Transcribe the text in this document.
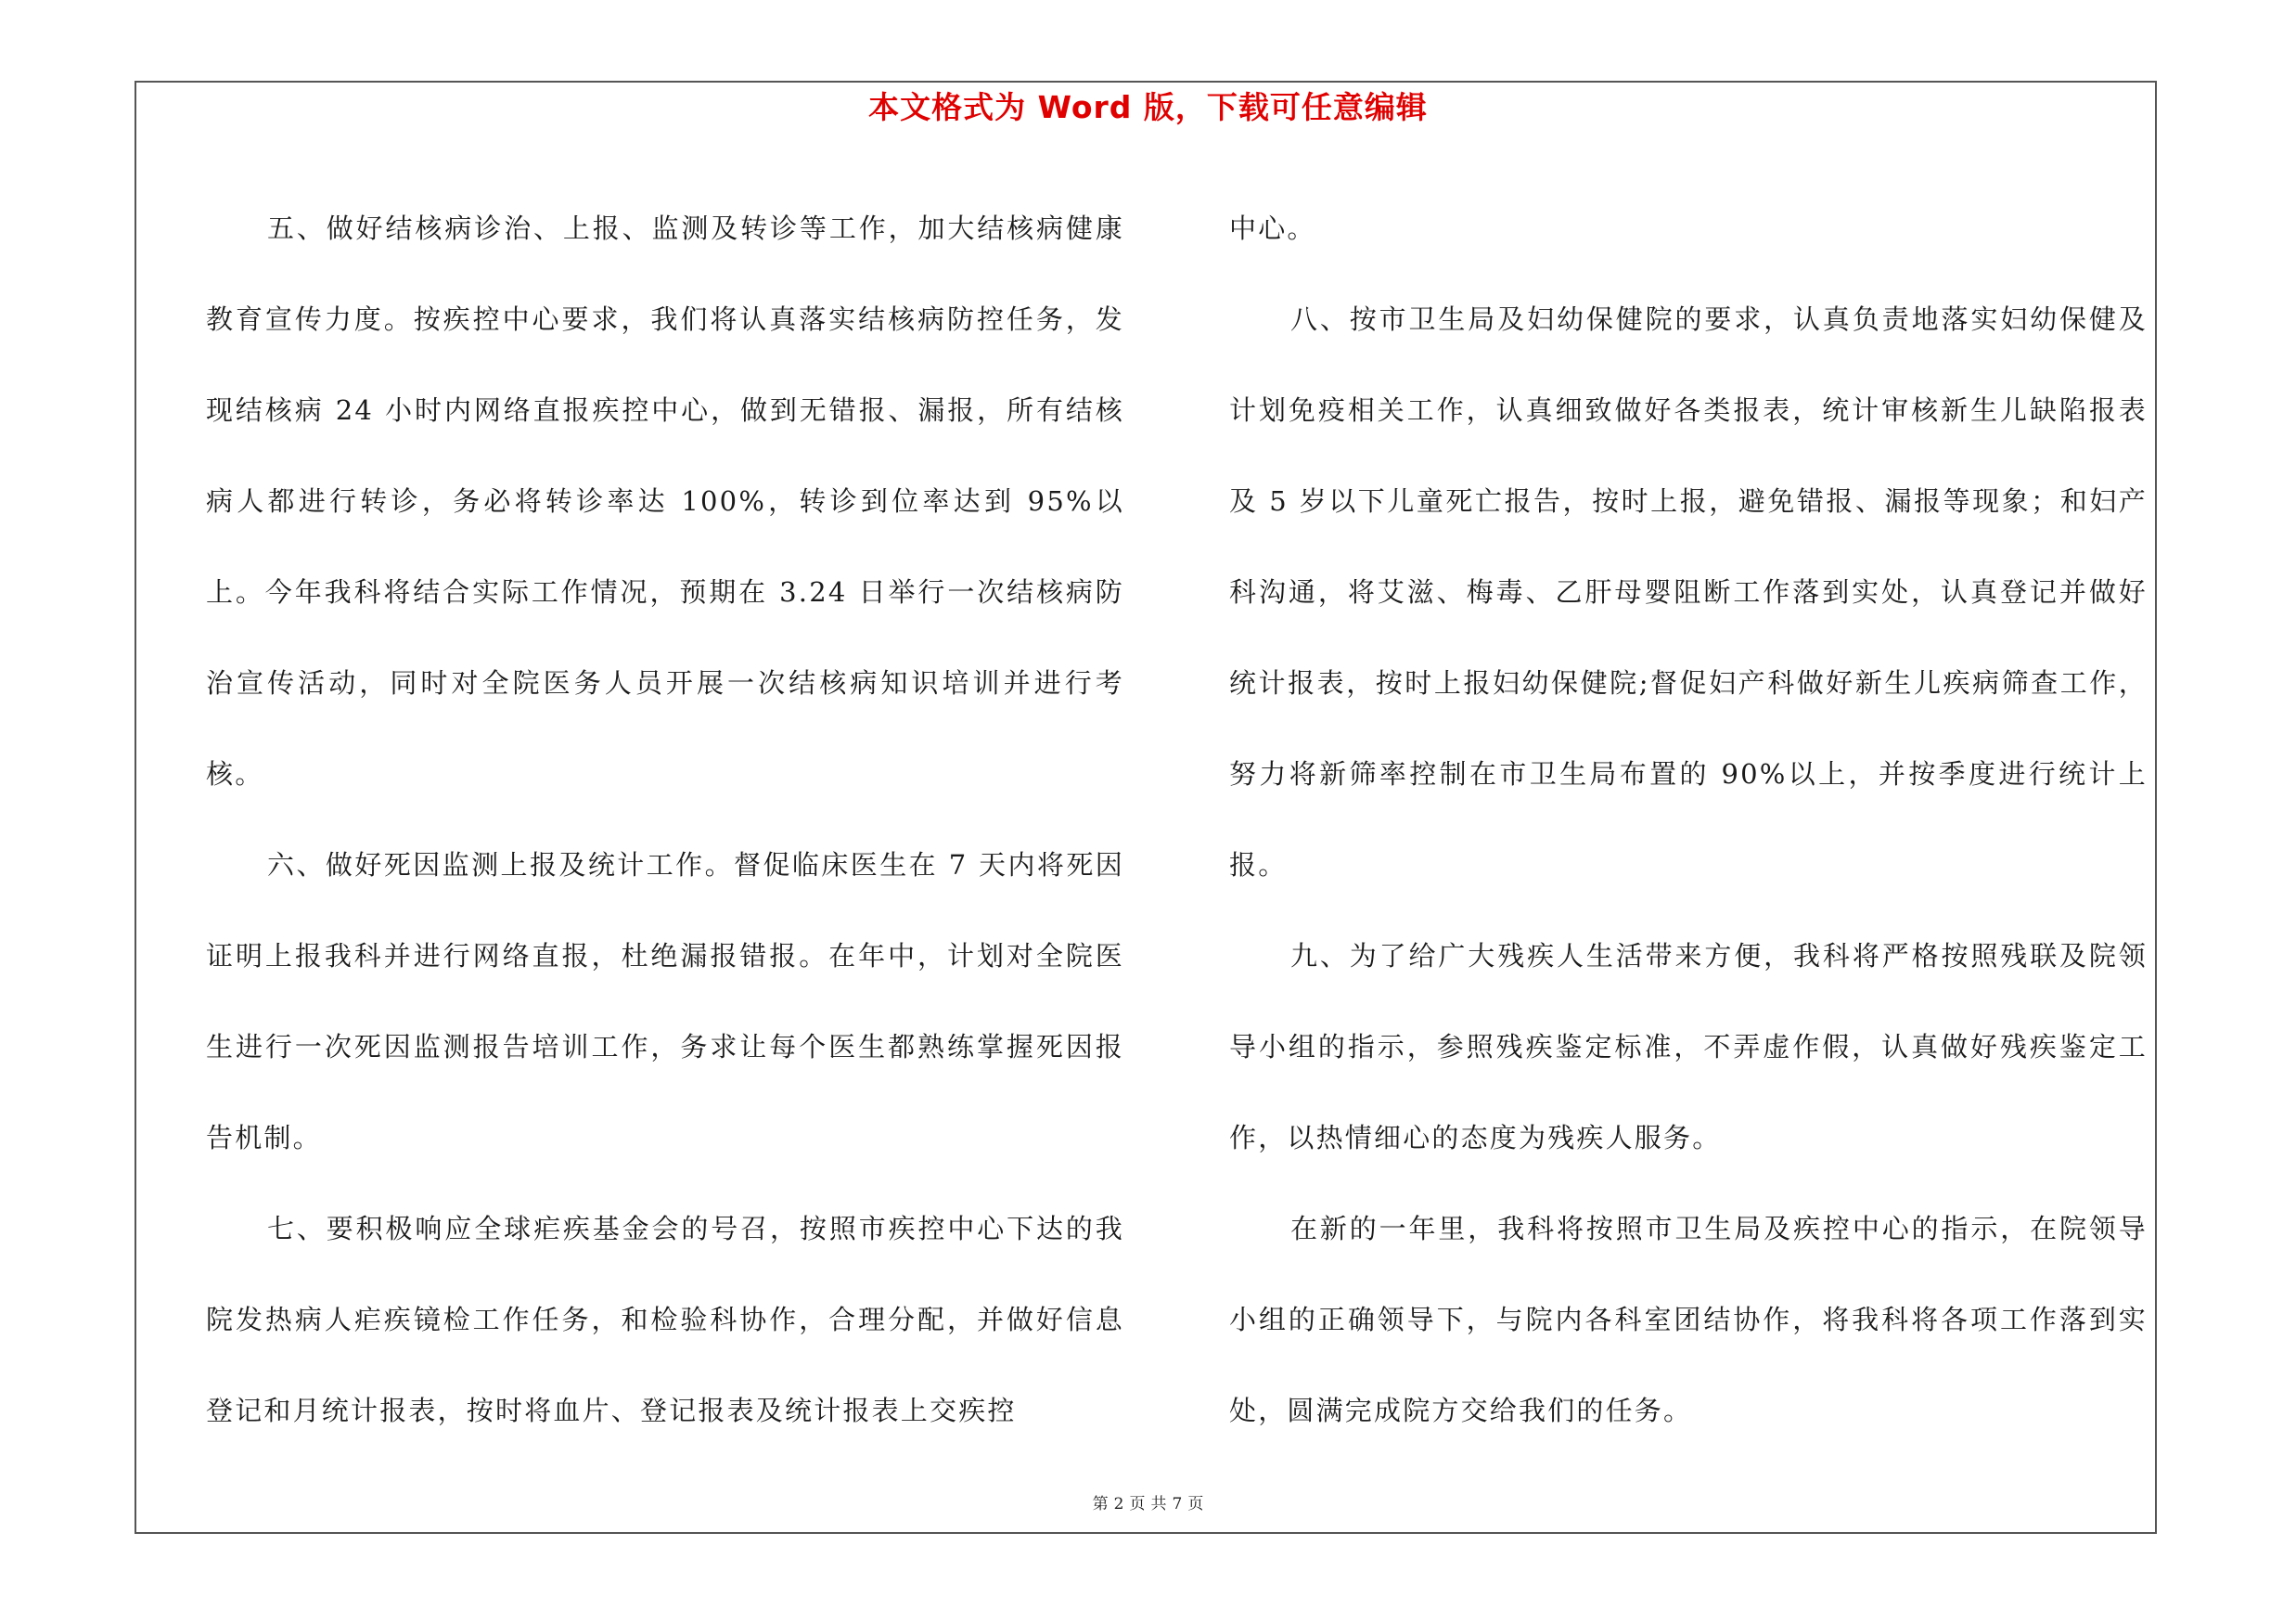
本文格式为 Word 版，下载可任意编辑

五、做好结核病诊治、上报、监测及转诊等工作，加大结核病健康教育宣传力度。按疾控中心要求，我们将认真落实结核病防控任务，发现结核病 24 小时内网络直报疾控中心，做到无错报、漏报，所有结核病人都进行转诊，务必将转诊率达 100%，转诊到位率达到 95%以上。今年我科将结合实际工作情况，预期在 3.24 日举行一次结核病防治宣传活动，同时对全院医务人员开展一次结核病知识培训并进行考核。

六、做好死因监测上报及统计工作。督促临床医生在 7 天内将死因证明上报我科并进行网络直报，杜绝漏报错报。在年中，计划对全院医生进行一次死因监测报告培训工作，务求让每个医生都熟练掌握死因报告机制。

七、要积极响应全球疟疾基金会的号召，按照市疾控中心下达的我院发热病人疟疾镜检工作任务，和检验科协作，合理分配，并做好信息登记和月统计报表，按时将血片、登记报表及统计报表上交疾控

中心。

八、按市卫生局及妇幼保健院的要求，认真负责地落实妇幼保健及计划免疫相关工作，认真细致做好各类报表，统计审核新生儿缺陷报表及 5 岁以下儿童死亡报告，按时上报，避免错报、漏报等现象；和妇产科沟通，将艾滋、梅毒、乙肝母婴阻断工作落到实处，认真登记并做好统计报表，按时上报妇幼保健院;督促妇产科做好新生儿疾病筛查工作，努力将新筛率控制在市卫生局布置的 90%以上，并按季度进行统计上报。

九、为了给广大残疾人生活带来方便，我科将严格按照残联及院领导小组的指示，参照残疾鉴定标准，不弄虚作假，认真做好残疾鉴定工作，以热情细心的态度为残疾人服务。

在新的一年里，我科将按照市卫生局及疾控中心的指示，在院领导小组的正确领导下，与院内各科室团结协作，将我科将各项工作落到实处，圆满完成院方交给我们的任务。

第 2 页 共 7 页
